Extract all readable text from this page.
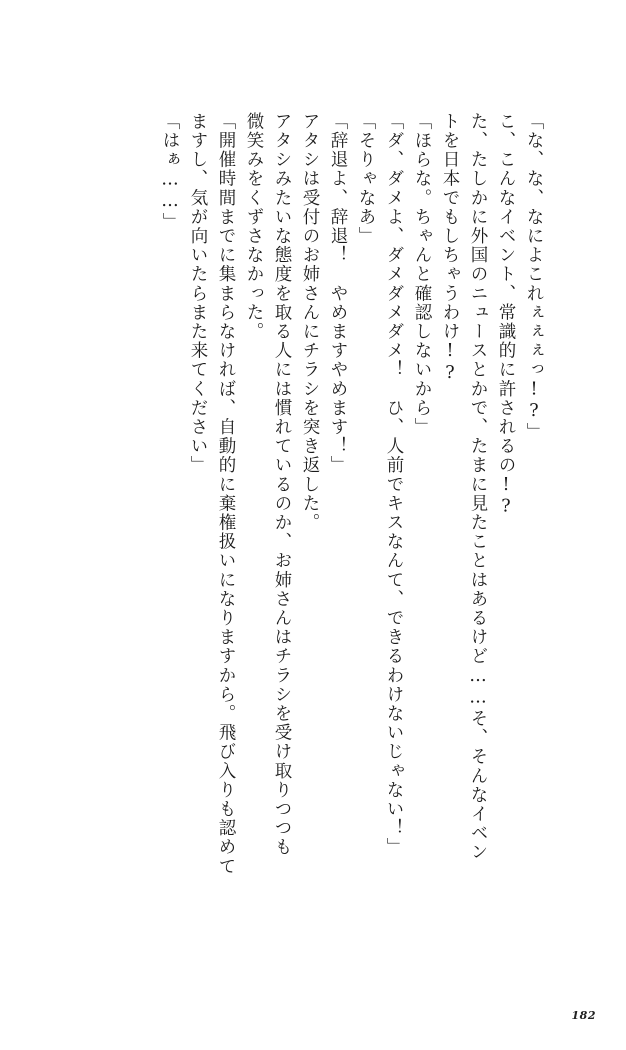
「はぁ……」 ますし、気が向いたらまた来てください」 「開催時間までに集まらなければ、自動的に棄権扱いになりますから。飛び入りも認めて 微笑みをくずさなかった。 アタシみたいな態度を取る人には慣れているのか、お姉さんはチラシを受け取りつつも アタシは受付のお姉さんにチラシを突き返した。 「辞退よ、辞退！　やめますやめます！」 「そりゃなあ」 「ダ、ダメよ、ダメダメダメ！　ひ、人前でキスなんて、できるわけないじゃない！」 「ほらな。ちゃんと確認しないから」 トを日本でもしちゃうわけ!? た、たしかに外国のニュースとかで、たまに見たことはあるけど……そ、そんなイベン こ、こんなイベント、常識的に許されるの!? 「な、な、なによこれぇぇぇっ!?」
182
